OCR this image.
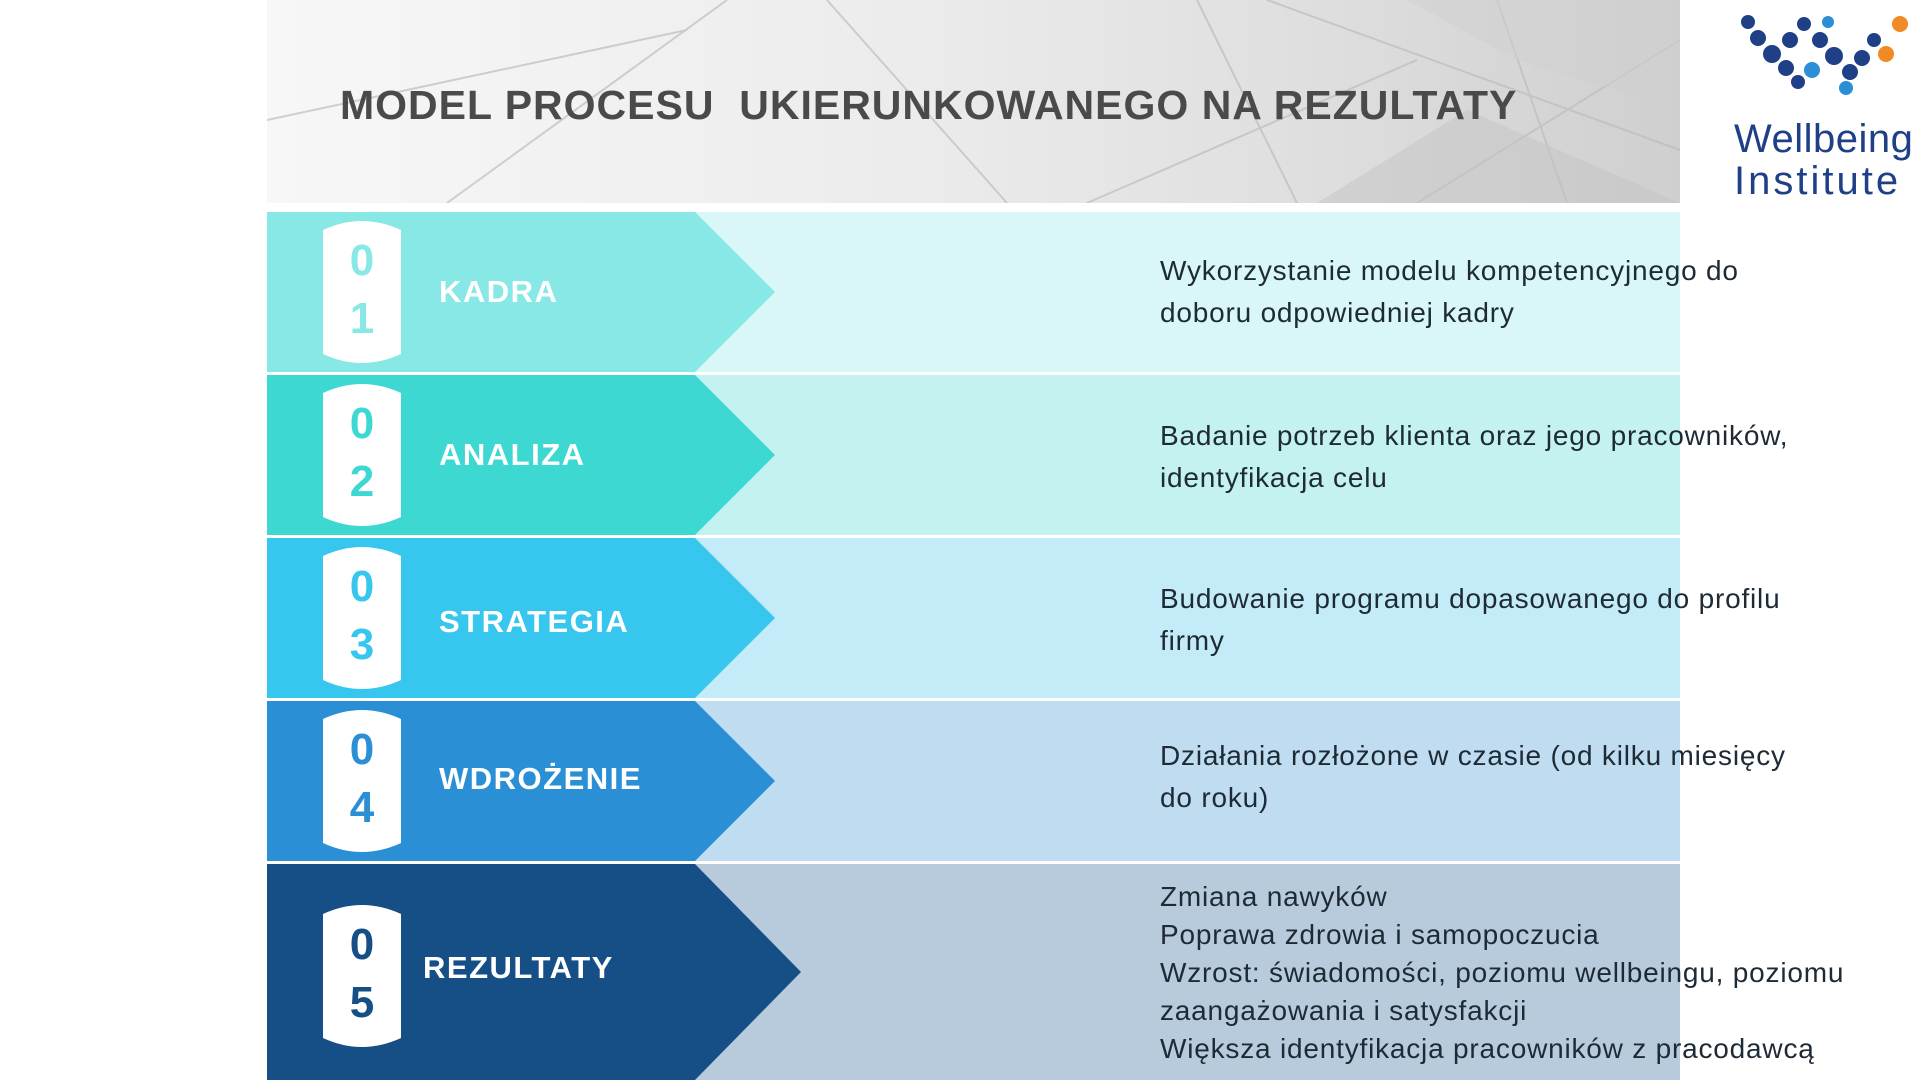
MODEL PROCESU  UKIERUNKOWANEGO NA REZULTATY
Wellbeing
Institute
0
1
KADRA
Wykorzystanie modelu kompetencyjnego do
doboru odpowiedniej kadry
0
2
ANALIZA
Badanie potrzeb klienta oraz jego pracowników,
identyfikacja celu
0
3	STRATEGIA
Budowanie programu dopasowanego do profilu
firmy
0
4
WDROŻENIE
Działania rozłożone w czasie (od kilku miesięcy
do roku)
0
5
REZULTATY
Zmiana nawyków
Poprawa zdrowia i samopoczucia
Wzrost: świadomości, poziomu wellbeingu, poziomu
zaangażowania i satysfakcji
Większa identyfikacja pracowników z pracodawcą
